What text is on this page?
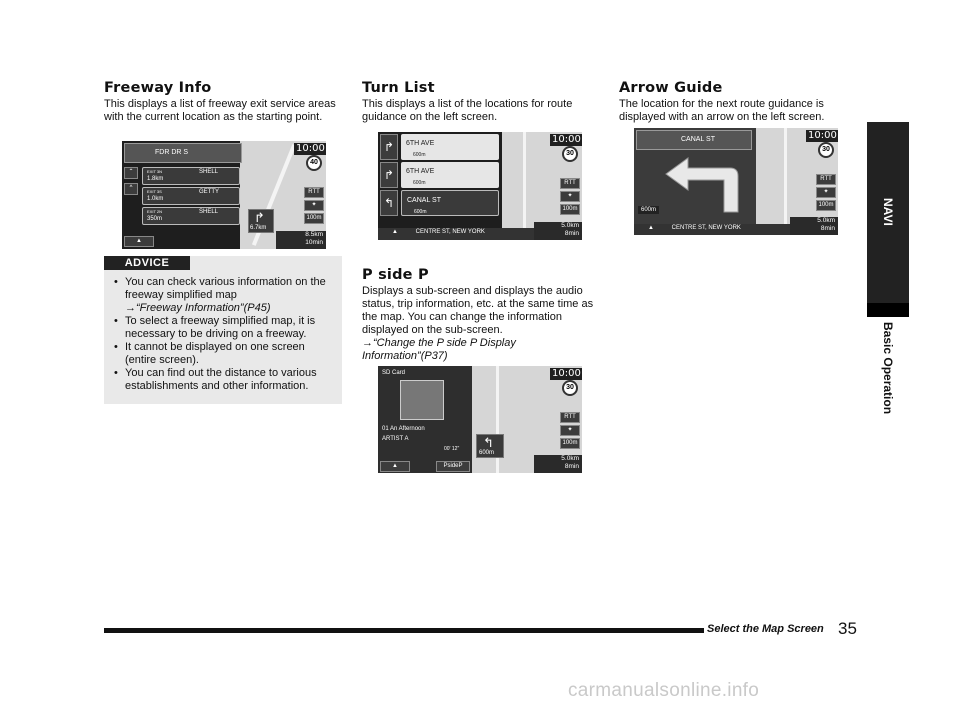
Freeway Info

This displays a list of freeway exit service areas with the current location as the starting point.

FDR DR S
⌃
^
EXIT 3N
1.8km
SHELL
EXIT 3S
1.0km
GETTY
EXIT 2N
350m
SHELL
▲
↱
6.7km
10:00
40
RTT
✦
100m
8.5km
10min
ADVICE
• You can check various information on the freeway simplified map
→“Freeway Information”(P45)
• To select a freeway simplified map, it is necessary to be driving on a freeway.
• It cannot be displayed on one screen (entire screen).
• You can find out the distance to various establishments and other information.
Turn List

This displays a list of the locations for route guidance on the left screen.

↱
↱
↰
6TH AVE
600m
6TH AVE
600m
CANAL ST
600m
▲	CENTRE ST, NEW YORK
10:00
30
RTT
✦
100m
5.0km
8min
P side P

Displays a sub-screen and displays the audio status, trip information, etc. at the same time as the map. You can change the information displayed on the sub-screen.

→“Change the P side P Display Information”(P37)

SD Card
01 An Afternoon
ARTIST A
00' 12" ↰
600m
▲	PsideP
10:00
30
RTT
✦
100m
5.0km
8min
Arrow Guide

The location for the next route guidance is displayed with an arrow on the left screen.

CANAL ST
600m
▲	CENTRE ST, NEW YORK
10:00
30
RTT
✦
100m
5.0km
8min
NAVI
Basic Operation
Select the Map Screen 35
carmanualsonline.info
